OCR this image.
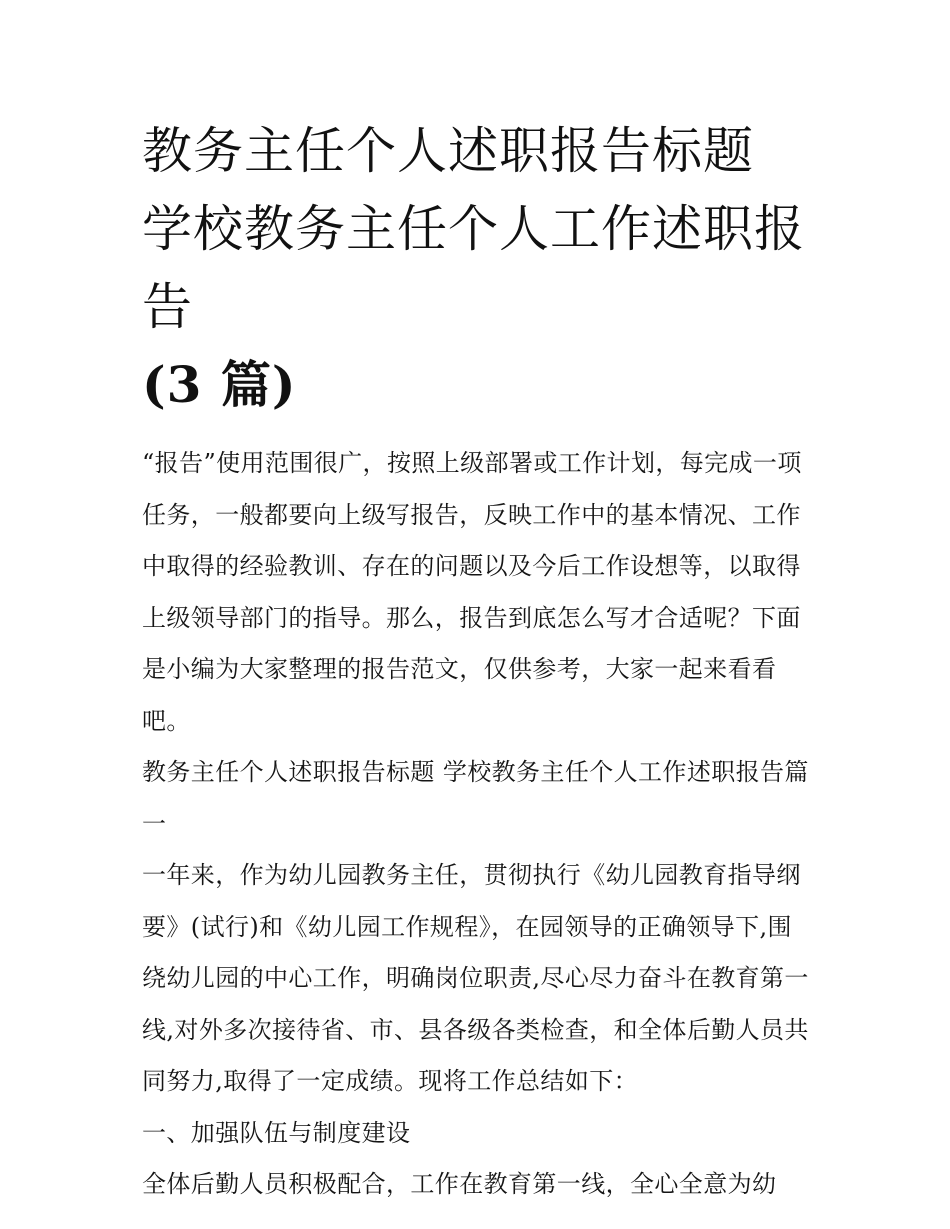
教务主任个人述职报告标题 学校教务主任个人工作述职报告
(3 篇)

“报告”使用范围很广，按照上级部署或工作计划，每完成一项任务，一般都要向上级写报告，反映工作中的基本情况、工作中取得的经验教训、存在的问题以及今后工作设想等，以取得上级领导部门的指导。那么，报告到底怎么写才合适呢？下面是小编为大家整理的报告范文，仅供参考，大家一起来看看吧。

教务主任个人述职报告标题 学校教务主任个人工作述职报告篇一

一年来，作为幼儿园教务主任，贯彻执行《幼儿园教育指导纲要》(试行)和《幼儿园工作规程》，在园领导的正确领导下,围绕幼儿园的中心工作，明确岗位职责,尽心尽力奋斗在教育第一线,对外多次接待省、市、县各级各类检查，和全体后勤人员共同努力,取得了一定成绩。现将工作总结如下：

一、加强队伍与制度建设

全体后勤人员积极配合，工作在教育第一线，全心全意为幼
